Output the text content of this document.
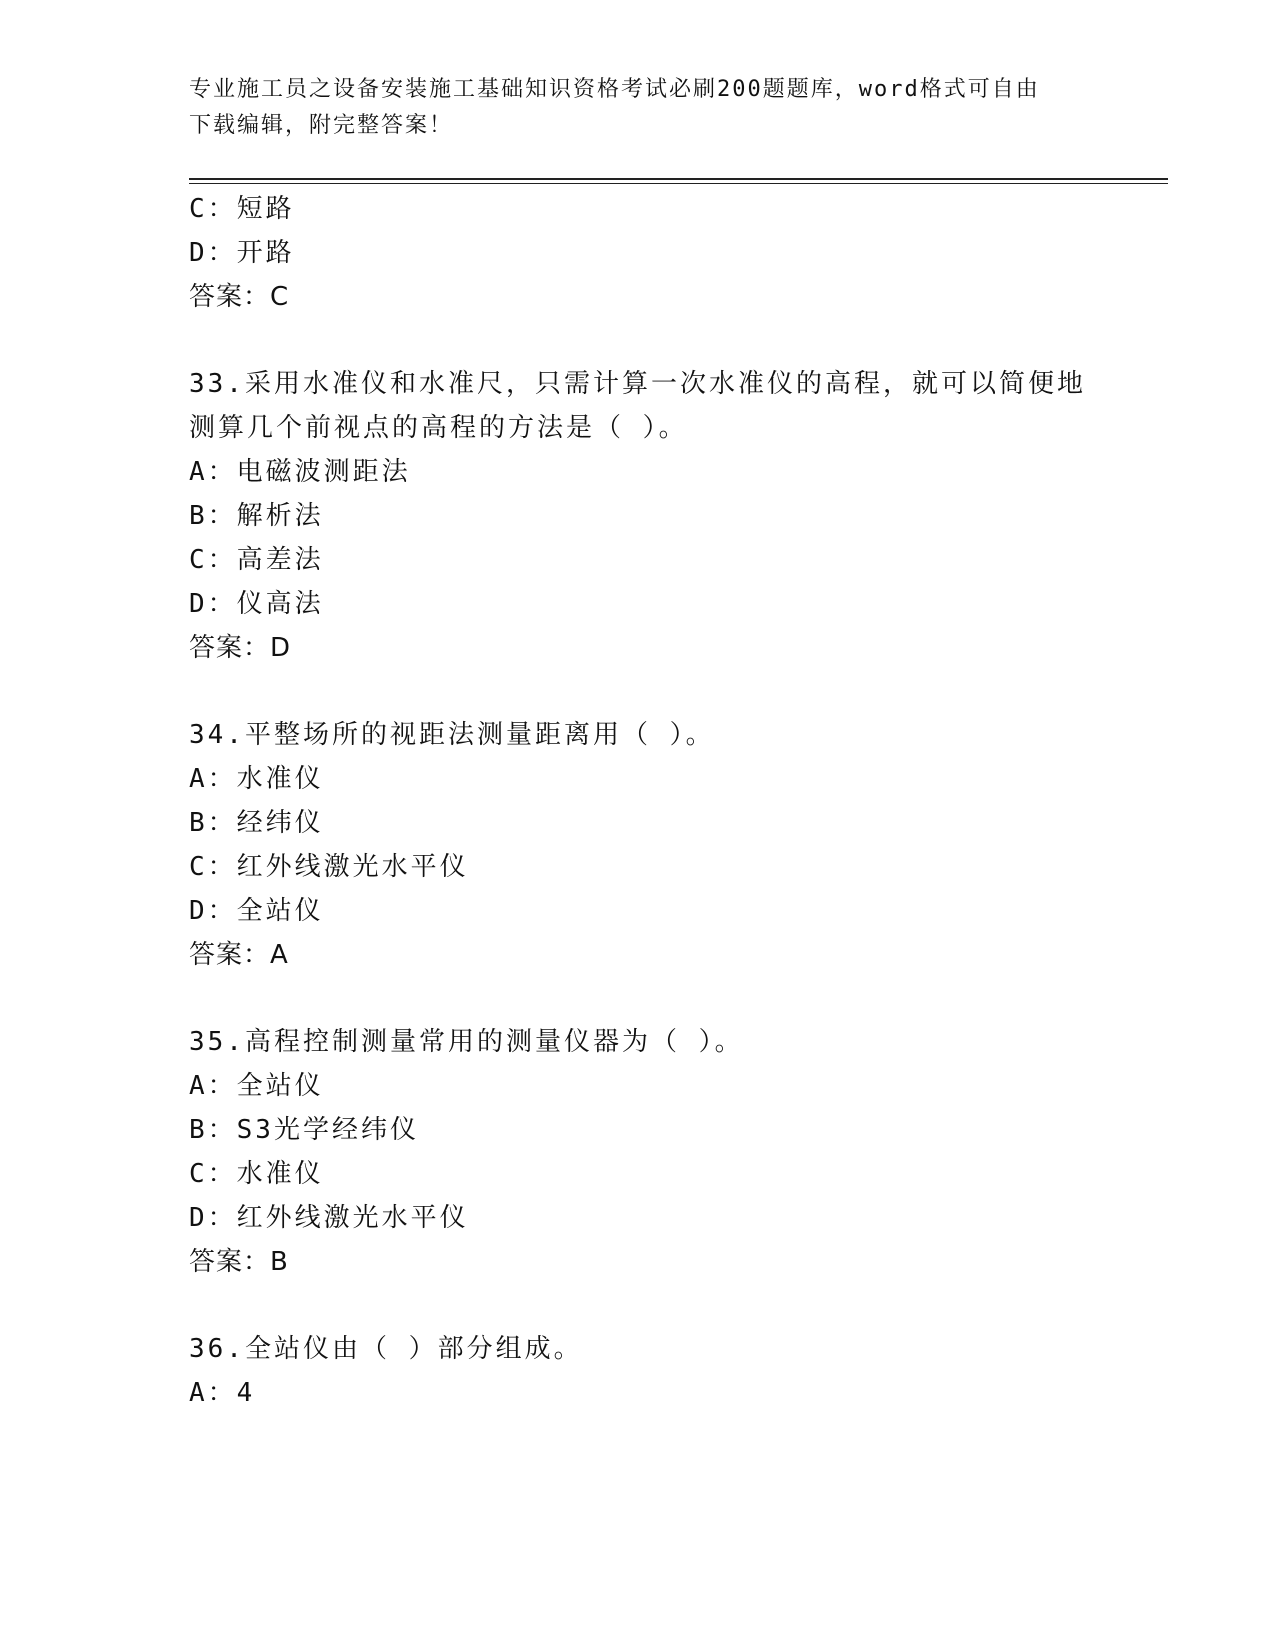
专业施工员之设备安装施工基础知识资格考试必刷200题题库，word格式可自由
下载编辑，附完整答案！
C：短路
D：开路
答案：C
33.采用水准仪和水准尺，只需计算一次水准仪的高程，就可以简便地
测算几个前视点的高程的方法是（ ）。
A：电磁波测距法
B：解析法
C：高差法
D：仪高法
答案：D
34.平整场所的视距法测量距离用（ ）。
A：水准仪
B：经纬仪
C：红外线激光水平仪
D：全站仪
答案：A
35.高程控制测量常用的测量仪器为（ ）。
A：全站仪
B：S3光学经纬仪
C：水准仪
D：红外线激光水平仪
答案：B
36.全站仪由（ ）部分组成。
A：4
